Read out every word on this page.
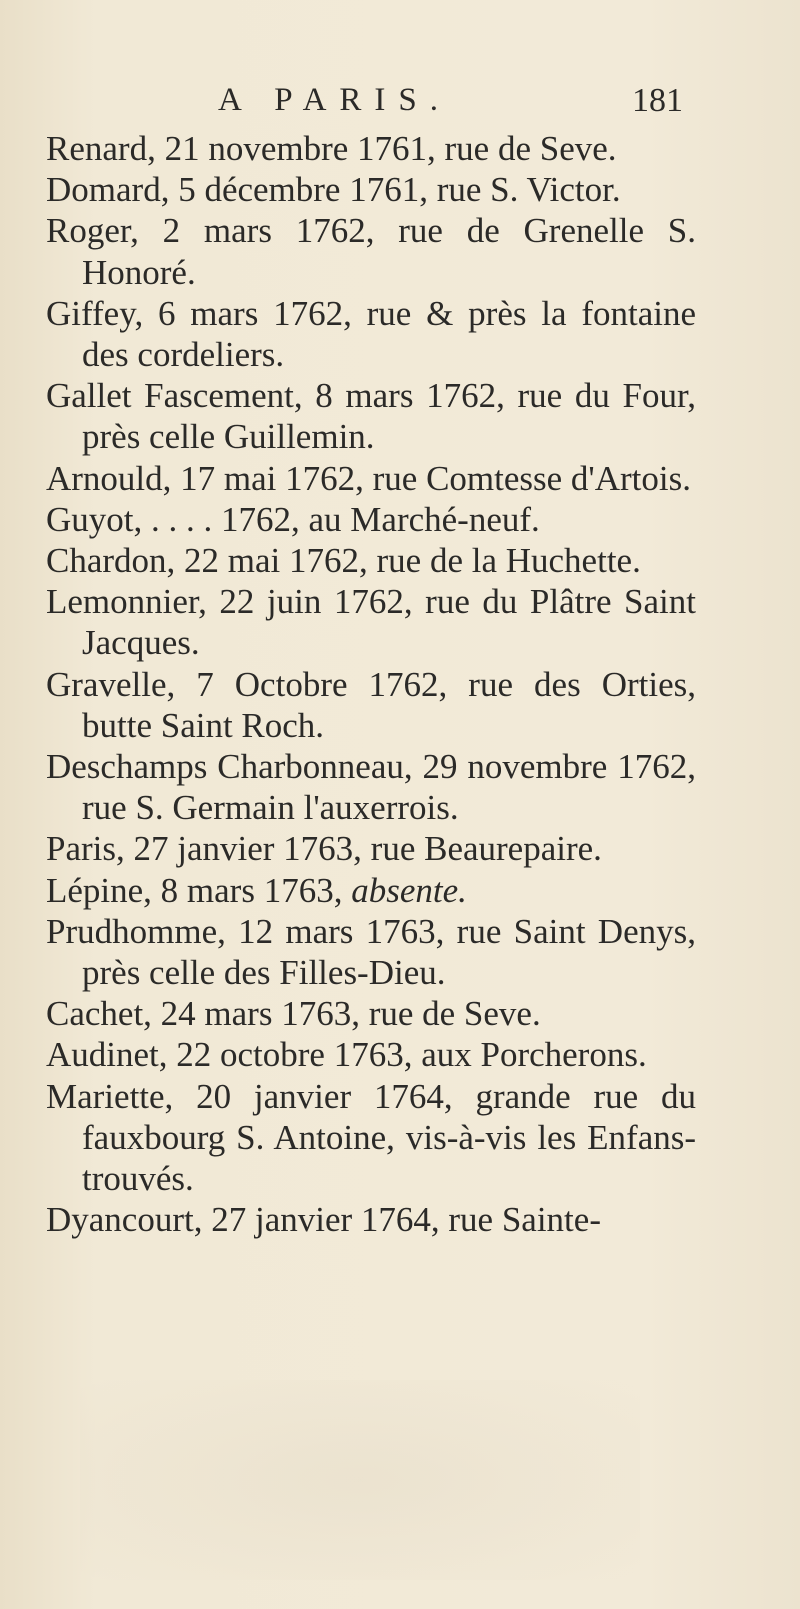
A PARIS.	181
Renard, 21 novembre 1761, rue de Seve.
Domard, 5 décembre 1761, rue S. Victor.
Roger, 2 mars 1762, rue de Grenelle S. Honoré.
Giffey, 6 mars 1762, rue & près la fontaine des cordeliers.
Gallet Fascement, 8 mars 1762, rue du Four, près celle Guillemin.
Arnould, 17 mai 1762, rue Comtesse d'Artois.
Guyot, . . . . 1762, au Marché-neuf.
Chardon, 22 mai 1762, rue de la Huchette.
Lemonnier, 22 juin 1762, rue du Plâtre Saint Jacques.
Gravelle, 7 Octobre 1762, rue des Orties, butte Saint Roch.
Deschamps Charbonneau, 29 novembre 1762, rue S. Germain l'auxerrois.
Paris, 27 janvier 1763, rue Beaurepaire.
Lépine, 8 mars 1763, absente.
Prudhomme, 12 mars 1763, rue Saint Denys, près celle des Filles-Dieu.
Cachet, 24 mars 1763, rue de Seve.
Audinet, 22 octobre 1763, aux Porcherons.
Mariette, 20 janvier 1764, grande rue du fauxbourg S. Antoine, vis-à-vis les Enfans-trouvés.
Dyancourt, 27 janvier 1764, rue Sainte-
